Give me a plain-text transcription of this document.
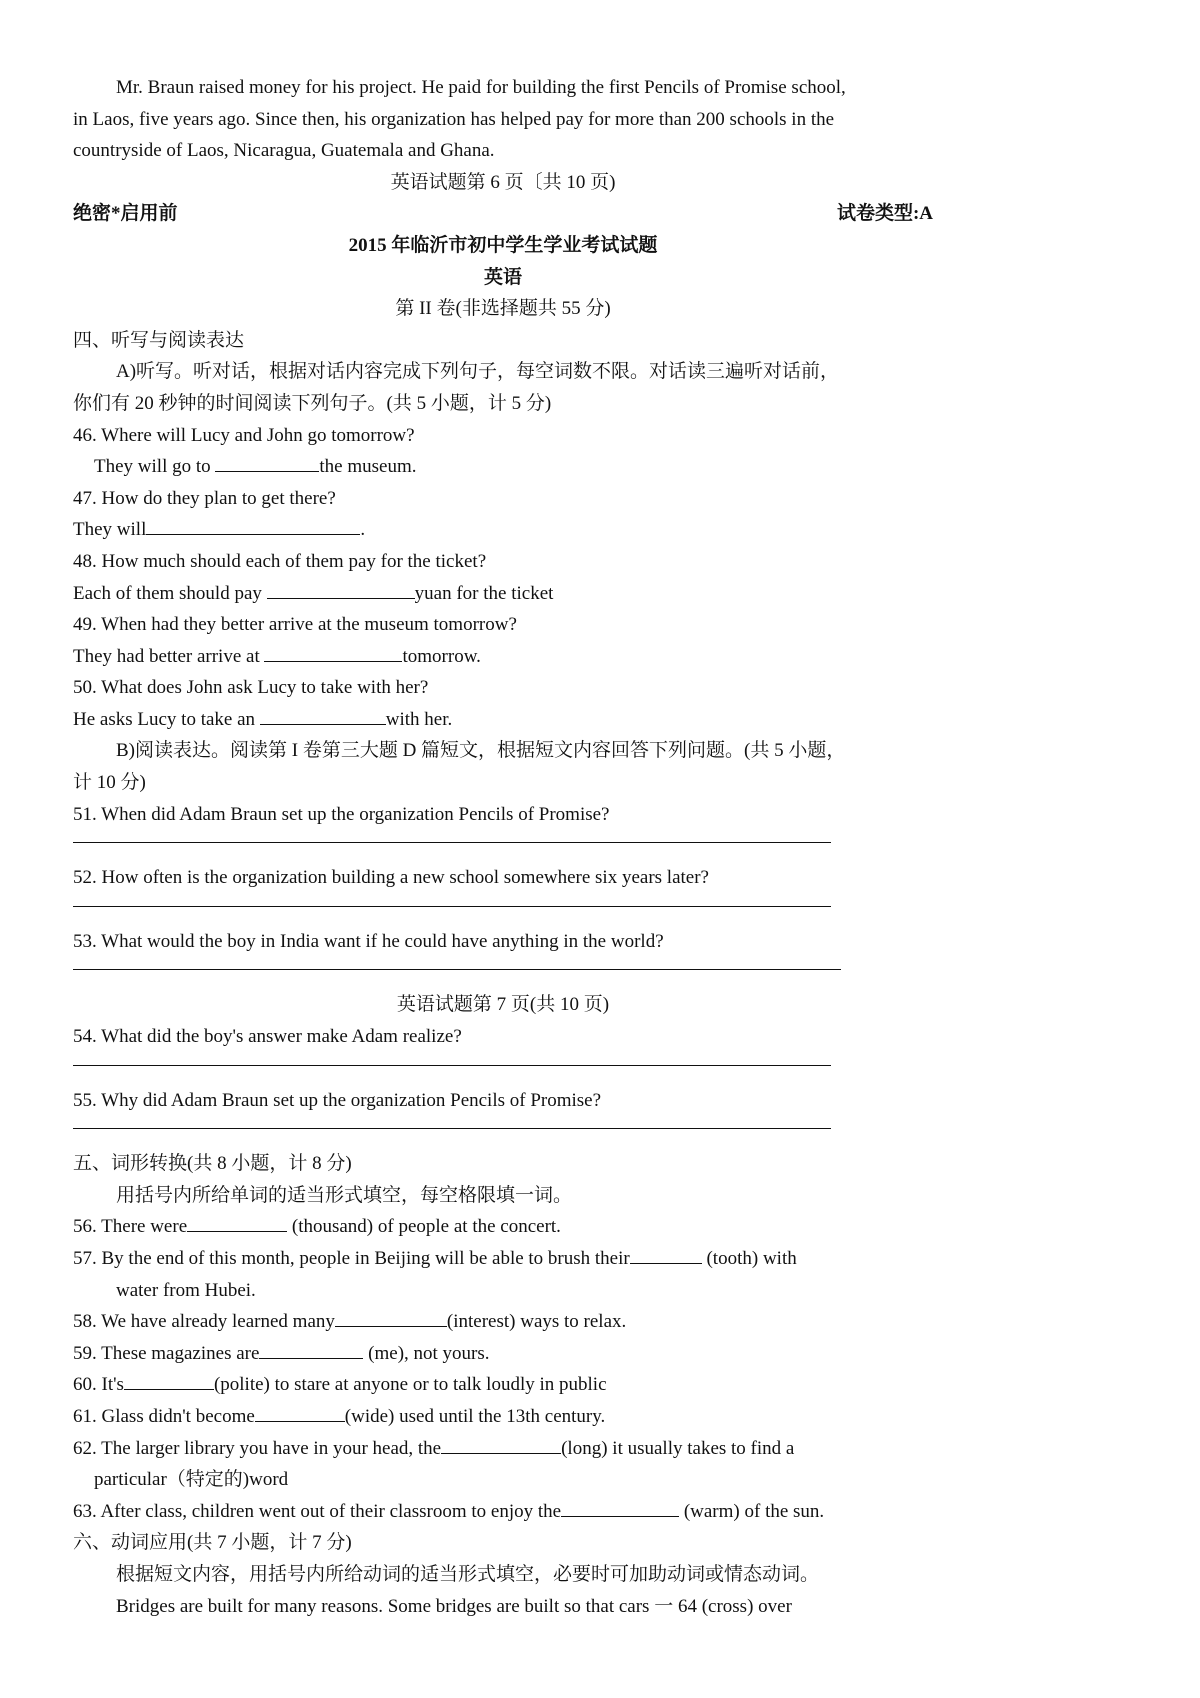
Mr. Braun raised money for his project. He paid for building the first Pencils of Promise school,
in Laos, five years ago. Since then, his organization has helped pay for more than 200 schools in the
countryside of Laos, Nicaragua, Guatemala and Ghana.
英语试题第 6 页〔共 10 页)
绝密*启用前	试卷类型:A
2015 年临沂市初中学生学业考试试题
英语
第 II 卷(非选择题共 55 分)
四、听写与阅读表达
A)听写。听对话，根据对话内容完成下列句子，每空词数不限。对话读三遍听对话前，
你们有 20 秒钟的时间阅读下列句子。(共 5 小题，计 5 分)
46. Where will Lucy and John go tomorrow?
They will go to	the museum.
47. How do they plan to get there?
They will	.
48. How much should each of them pay for the ticket?
Each of them should pay	yuan for the ticket
49. When had they better arrive at the museum tomorrow?
They had better arrive at	tomorrow.
50. What does John ask Lucy to take with her?
He asks Lucy to take an	with her.
B)阅读表达。阅读第 I 卷第三大题 D 篇短文，根据短文内容回答下列问题。(共 5 小题，
计 10 分)
51. When did Adam Braun set up the organization Pencils of Promise?
52. How often is the organization building a new school somewhere six years later?
53. What would the boy in India want if he could have anything in the world?
英语试题第 7 页(共 10 页)
54. What did the boy's answer make Adam realize?
55. Why did Adam Braun set up the organization Pencils of Promise?
五、词形转换(共 8 小题，计 8 分)
用括号内所给单词的适当形式填空，每空格限填一词。
56. There were	(thousand) of people at the concert.
57. By the end of this month, people in Beijing will be able to brush their	(tooth) with
water from Hubei.
58. We have already learned many	(interest) ways to relax.
59. These magazines are	(me), not yours.
60. It's	(polite) to stare at anyone or to talk loudly in public
61. Glass didn't become	(wide) used until the 13th century.
62. The larger library you have in your head, the	(long) it usually takes to find a
particular（特定的)word
63. After class, children went out of their classroom to enjoy the	(warm) of the sun.
六、动词应用(共 7 小题，计 7 分)
根据短文内容，用括号内所给动词的适当形式填空，必要时可加助动词或情态动词。
Bridges are built for many reasons. Some bridges are built so that cars 一 64 (cross) over
